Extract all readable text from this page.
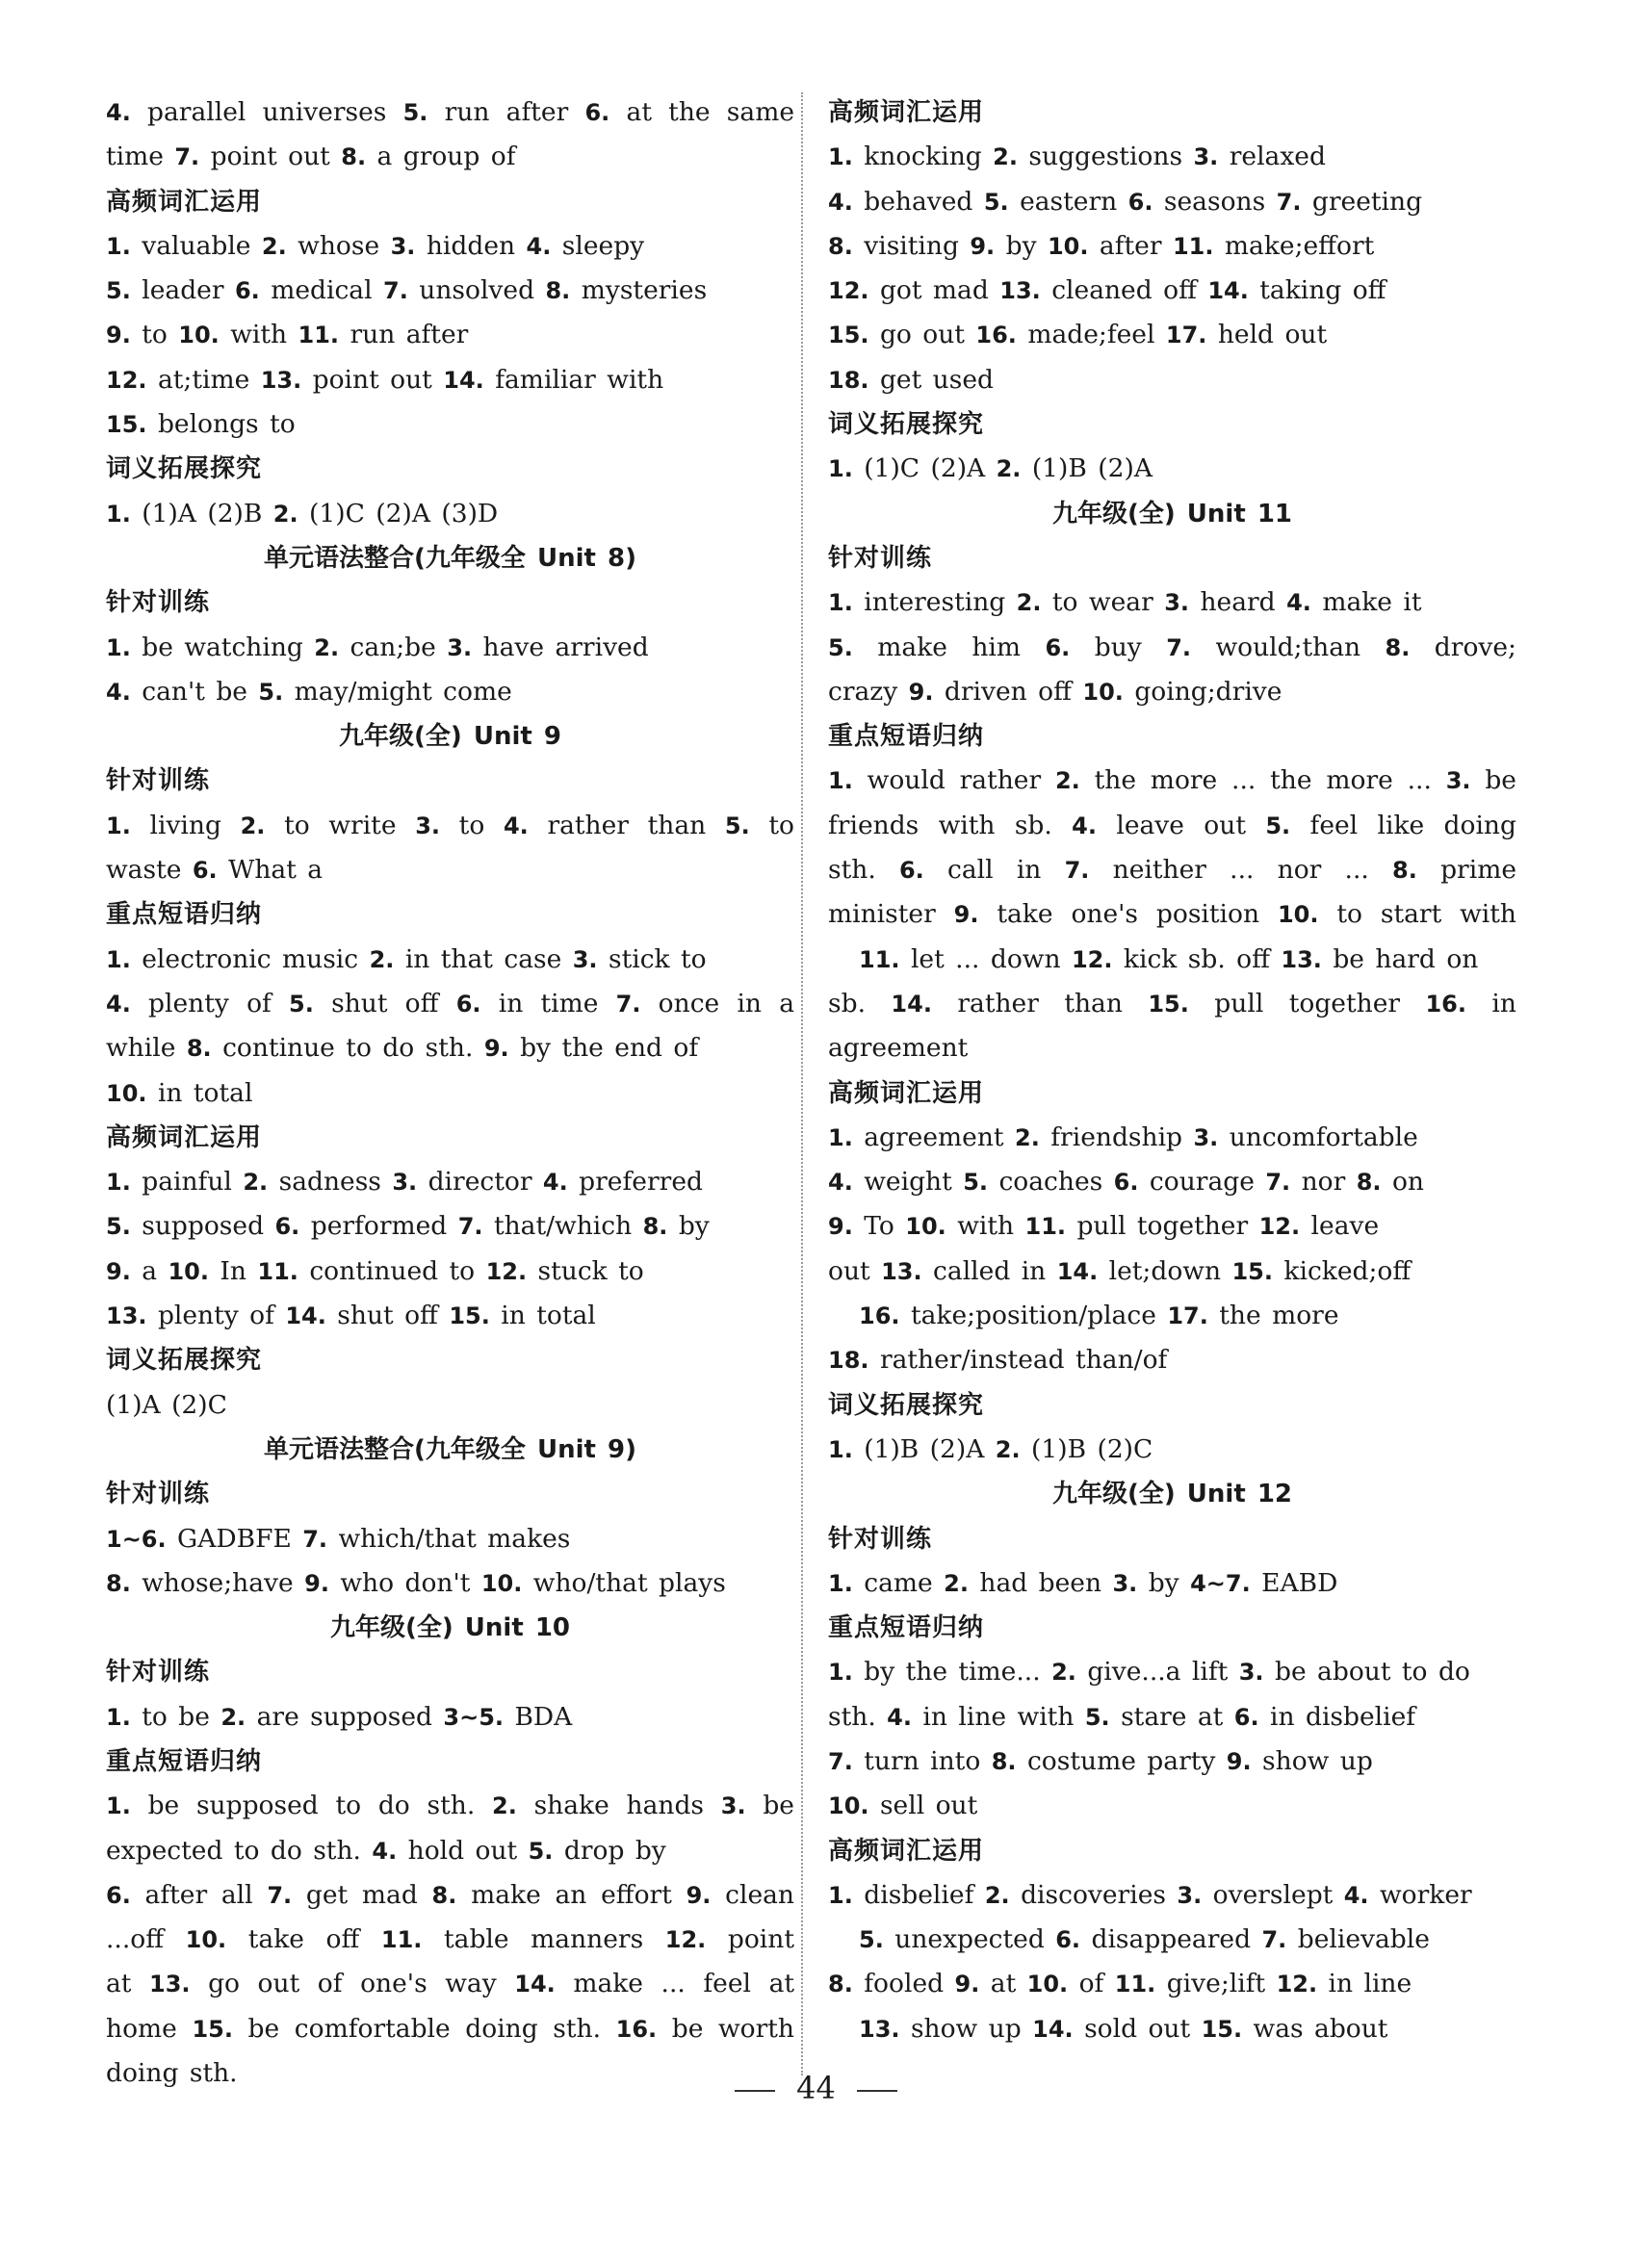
4. parallel universes 5. run after 6. at the same
time 7. point out 8. a group of
高频词汇运用
1. valuable 2. whose 3. hidden 4. sleepy
5. leader 6. medical 7. unsolved 8. mysteries
9. to 10. with 11. run after
12. at;time 13. point out 14. familiar with
15. belongs to
词义拓展探究
1. (1)A (2)B 2. (1)C (2)A (3)D
单元语法整合(九年级全 Unit 8)
针对训练
1. be watching 2. can;be 3. have arrived
4. can't be 5. may/might come
九年级(全) Unit 9
针对训练
1. living 2. to write 3. to 4. rather than 5. to
waste 6. What a
重点短语归纳
1. electronic music 2. in that case 3. stick to
4. plenty of 5. shut off 6. in time 7. once in a
while 8. continue to do sth. 9. by the end of
10. in total
高频词汇运用
1. painful 2. sadness 3. director 4. preferred
5. supposed 6. performed 7. that/which 8. by
9. a 10. In 11. continued to 12. stuck to
13. plenty of 14. shut off 15. in total
词义拓展探究
(1)A (2)C
单元语法整合(九年级全 Unit 9)
针对训练
1~6. GADBFE 7. which/that makes
8. whose;have 9. who don't 10. who/that plays
九年级(全) Unit 10
针对训练
1. to be 2. are supposed 3~5. BDA
重点短语归纳
1. be supposed to do sth. 2. shake hands 3. be
expected to do sth. 4. hold out 5. drop by
6. after all 7. get mad 8. make an effort 9. clean
...off 10. take off 11. table manners 12. point
at 13. go out of one's way 14. make ... feel at
home 15. be comfortable doing sth. 16. be worth
doing sth.
高频词汇运用
1. knocking 2. suggestions 3. relaxed
4. behaved 5. eastern 6. seasons 7. greeting
8. visiting 9. by 10. after 11. make;effort
12. got mad 13. cleaned off 14. taking off
15. go out 16. made;feel 17. held out
18. get used
词义拓展探究
1. (1)C (2)A 2. (1)B (2)A
九年级(全) Unit 11
针对训练
1. interesting 2. to wear 3. heard 4. make it
5. make him 6. buy 7. would;than 8. drove;
crazy 9. driven off 10. going;drive
重点短语归纳
1. would rather 2. the more ... the more ... 3. be
friends with sb. 4. leave out 5. feel like doing
sth. 6. call in 7. neither ... nor ... 8. prime
minister 9. take one's position 10. to start with
11. let ... down 12. kick sb. off 13. be hard on
sb. 14. rather than 15. pull together 16. in
agreement
高频词汇运用
1. agreement 2. friendship 3. uncomfortable
4. weight 5. coaches 6. courage 7. nor 8. on
9. To 10. with 11. pull together 12. leave
out 13. called in 14. let;down 15. kicked;off
16. take;position/place 17. the more
18. rather/instead than/of
词义拓展探究
1. (1)B (2)A 2. (1)B (2)C
九年级(全) Unit 12
针对训练
1. came 2. had been 3. by 4~7. EABD
重点短语归纳
1. by the time... 2. give...a lift 3. be about to do
sth. 4. in line with 5. stare at 6. in disbelief
7. turn into 8. costume party 9. show up
10. sell out
高频词汇运用
1. disbelief 2. discoveries 3. overslept 4. worker
5. unexpected 6. disappeared 7. believable
8. fooled 9. at 10. of 11. give;lift 12. in line
13. show up 14. sold out 15. was about
44
